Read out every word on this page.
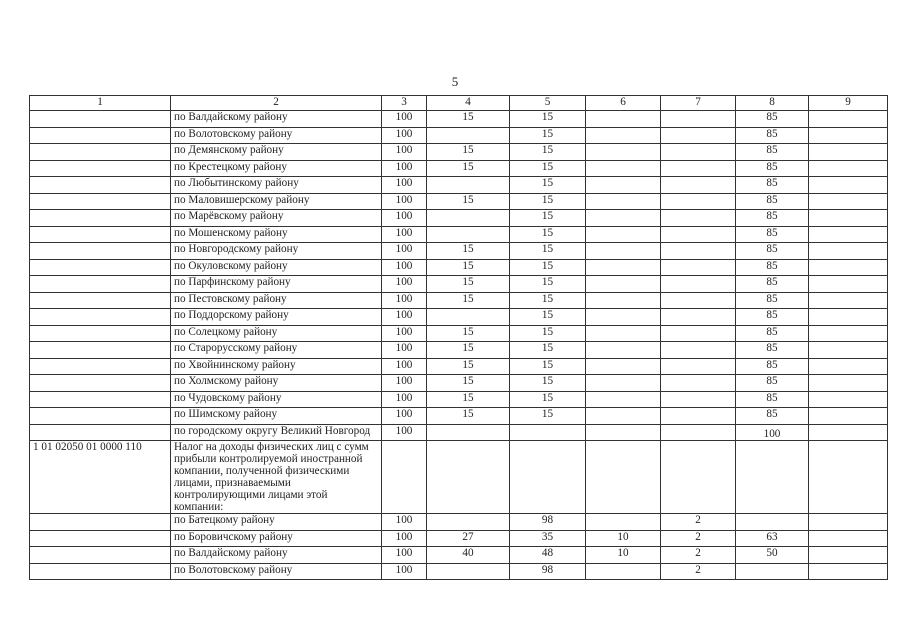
5
1	2	3	4	5	6	7	8	9
	по Валдайскому району	100	15	15			85	
	по Волотовскому району	100		15			85	
	по Демянскому району	100	15	15			85	
	по Крестецкому району	100	15	15			85	
	по Любытинскому району	100		15			85	
	по Маловишерскому району	100	15	15			85	
	по Марёвскому району	100		15			85	
	по Мошенскому району	100		15			85	
	по Новгородскому району	100	15	15			85	
	по Окуловскому району	100	15	15			85	
	по Парфинскому району	100	15	15			85	
	по Пестовскому району	100	15	15			85	
	по Поддорскому району	100		15			85	
	по Солецкому району	100	15	15			85	
	по Старорусскому району	100	15	15			85	
	по Хвойнинскому району	100	15	15			85	
	по Холмскому району	100	15	15			85	
	по Чудовскому району	100	15	15			85	
	по Шимскому району	100	15	15			85	
	по городскому округу Великий Новгород	100					100	
1 01 02050 01 0000 110	Налог на доходы физических лиц с сумм прибыли контролируемой иностранной компании, полученной физическими лицами, признаваемыми контролирующими лицами этой компании:							
	по Батецкому району	100		98		2		
	по Боровичскому району	100	27	35	10	2	63	
	по Валдайскому району	100	40	48	10	2	50	
	по Волотовскому району	100		98		2		
